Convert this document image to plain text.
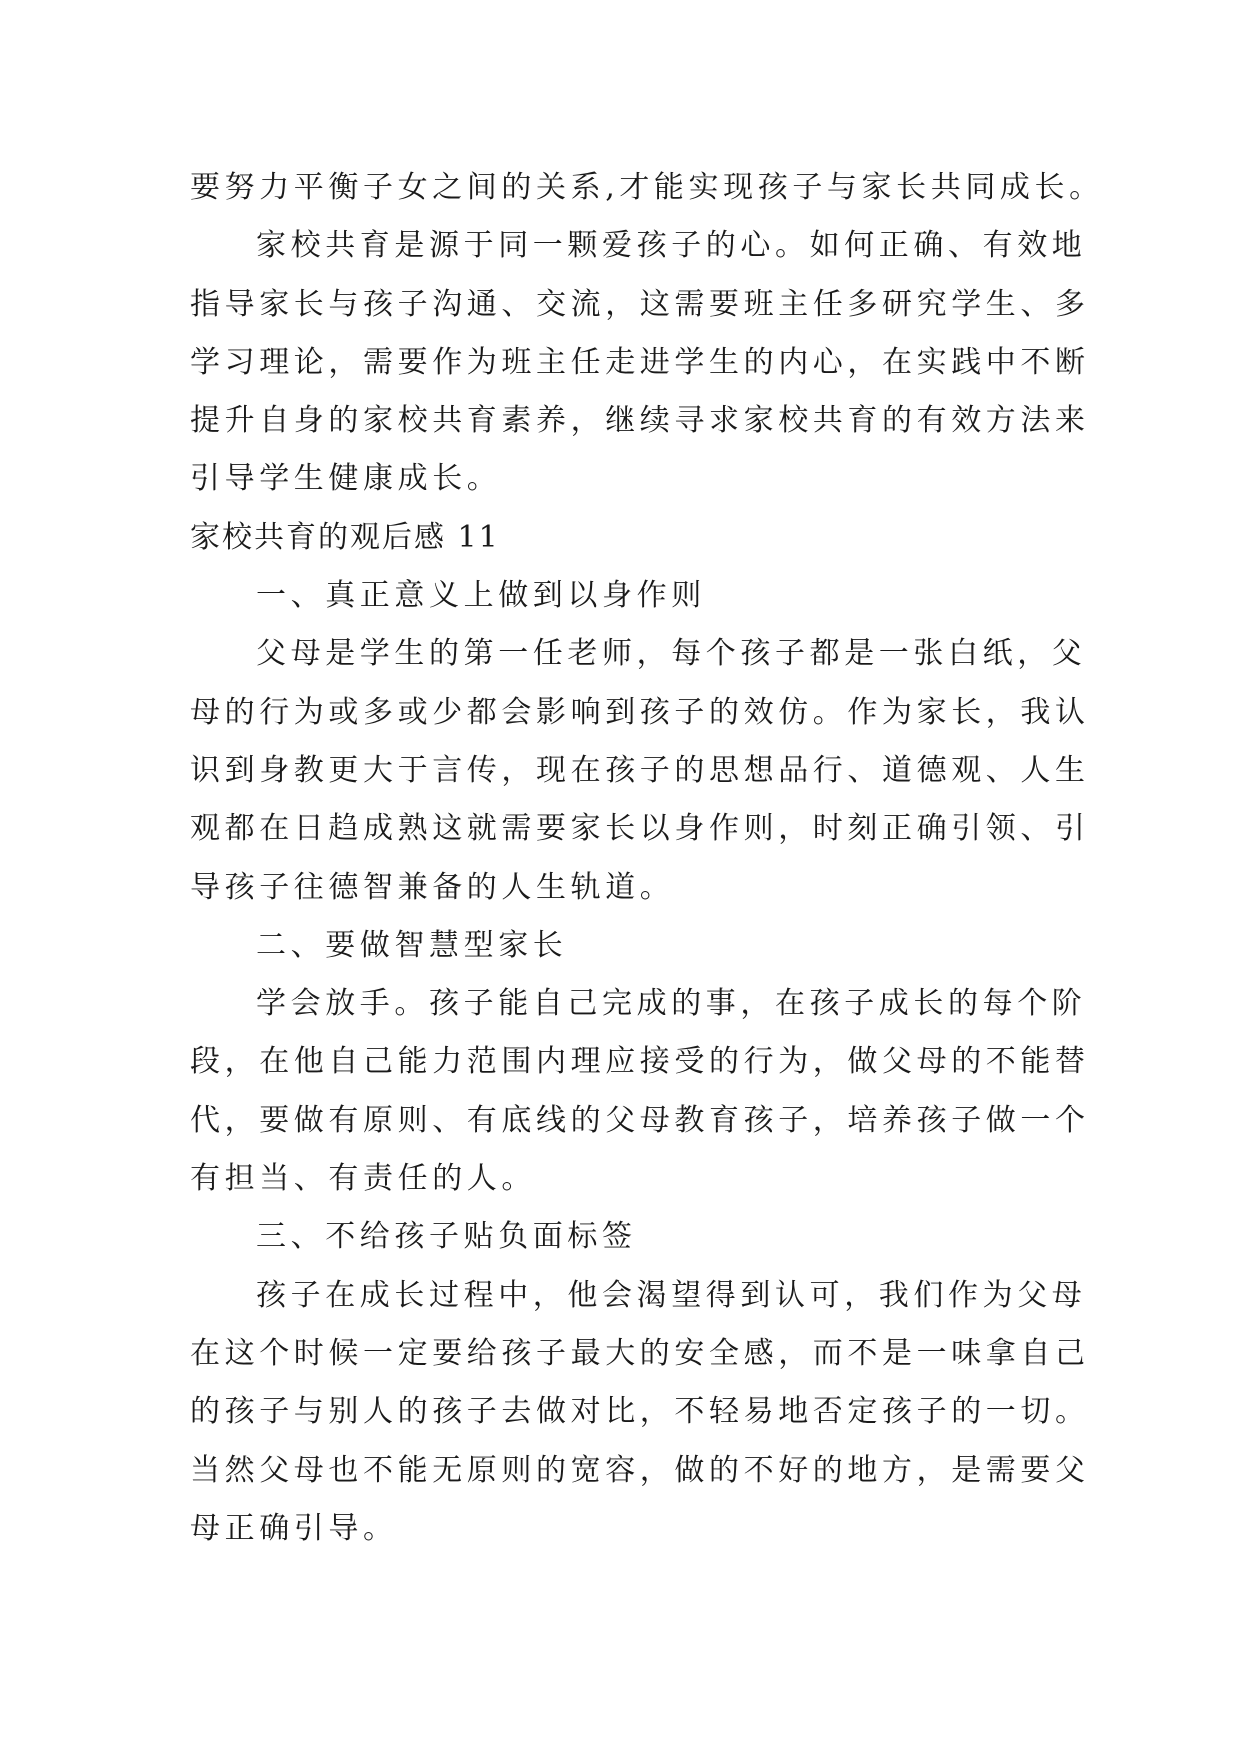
要努力平衡子女之间的关系,才能实现孩子与家长共同成长。
家校共育是源于同一颗爱孩子的心。如何正确、有效地
指导家长与孩子沟通、交流，这需要班主任多研究学生、多
学习理论，需要作为班主任走进学生的内心，在实践中不断
提升自身的家校共育素养，继续寻求家校共育的有效方法来
引导学生健康成长。
家校共育的观后感 11
一、真正意义上做到以身作则
父母是学生的第一任老师，每个孩子都是一张白纸，父
母的行为或多或少都会影响到孩子的效仿。作为家长，我认
识到身教更大于言传，现在孩子的思想品行、道德观、人生
观都在日趋成熟这就需要家长以身作则，时刻正确引领、引
导孩子往德智兼备的人生轨道。
二、要做智慧型家长
学会放手。孩子能自己完成的事，在孩子成长的每个阶
段，在他自己能力范围内理应接受的行为，做父母的不能替
代，要做有原则、有底线的父母教育孩子，培养孩子做一个
有担当、有责任的人。
三、不给孩子贴负面标签
孩子在成长过程中，他会渴望得到认可，我们作为父母
在这个时候一定要给孩子最大的安全感，而不是一味拿自己
的孩子与别人的孩子去做对比，不轻易地否定孩子的一切。
当然父母也不能无原则的宽容，做的不好的地方，是需要父
母正确引导。
